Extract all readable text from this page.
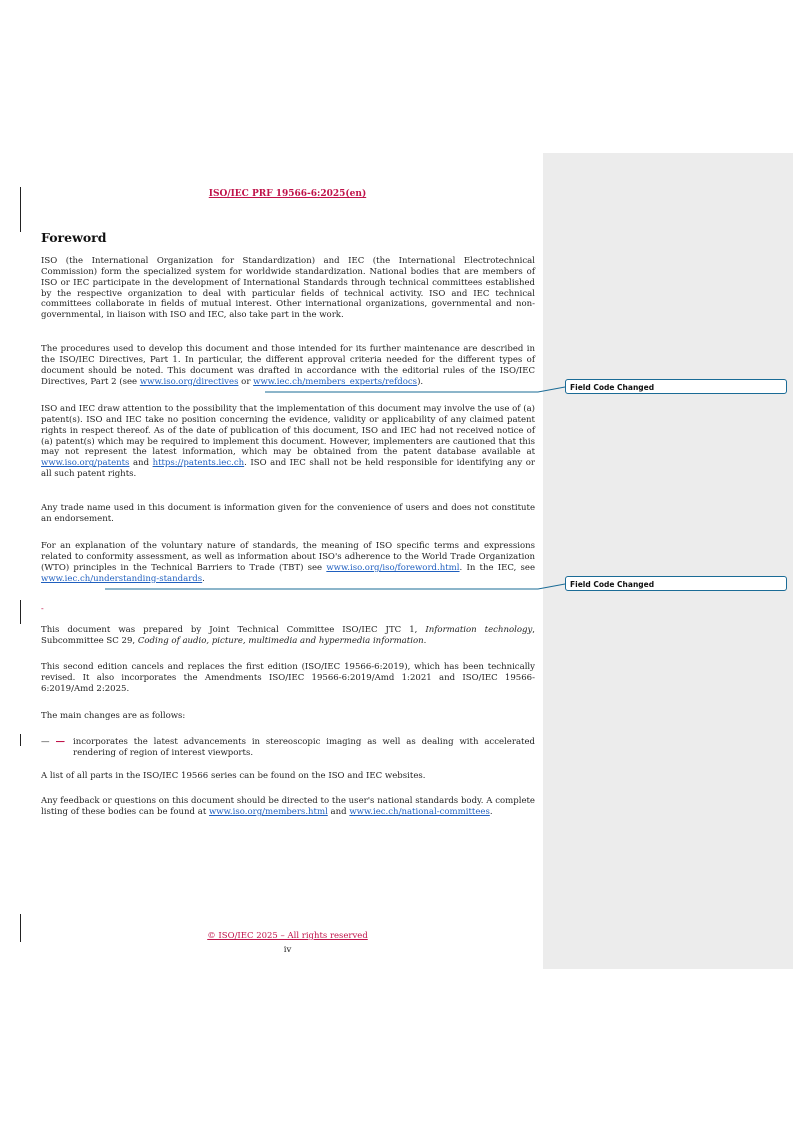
ISO/IEC PRF 19566-6:2025(en)
Foreword
ISO (the International Organization for Standardization) and IEC (the International Electrotechnical Commission) form the specialized system for worldwide standardization. National bodies that are members of ISO or IEC participate in the development of International Standards through technical committees established by the respective organization to deal with particular fields of technical activity. ISO and IEC technical committees collaborate in fields of mutual interest. Other international organizations, governmental and non-governmental, in liaison with ISO and IEC, also take part in the work.
The procedures used to develop this document and those intended for its further maintenance are described in the ISO/IEC Directives, Part 1. In particular, the different approval criteria needed for the different types of document should be noted. This document was drafted in accordance with the editorial rules of the ISO/IEC Directives, Part 2 (see www.iso.org/directives or www.iec.ch/members_experts/refdocs).
ISO and IEC draw attention to the possibility that the implementation of this document may involve the use of (a) patent(s). ISO and IEC take no position concerning the evidence, validity or applicability of any claimed patent rights in respect thereof. As of the date of publication of this document, ISO and IEC had not received notice of (a) patent(s) which may be required to implement this document. However, implementers are cautioned that this may not represent the latest information, which may be obtained from the patent database available at www.iso.org/patents and https://patents.iec.ch. ISO and IEC shall not be held responsible for identifying any or all such patent rights.
Any trade name used in this document is information given for the convenience of users and does not constitute an endorsement.
For an explanation of the voluntary nature of standards, the meaning of ISO specific terms and expressions related to conformity assessment, as well as information about ISO's adherence to the World Trade Organization (WTO) principles in the Technical Barriers to Trade (TBT) see www.iso.org/iso/foreword.html. In the IEC, see www.iec.ch/understanding-standards.
-
This document was prepared by Joint Technical Committee ISO/IEC JTC 1, Information technology, Subcommittee SC 29, Coding of audio, picture, multimedia and hypermedia information.
This second edition cancels and replaces the first edition (ISO/IEC 19566-6:2019), which has been technically revised. It also incorporates the Amendments ISO/IEC 19566-6:2019/Amd 1:2021 and ISO/IEC 19566-6:2019/Amd 2:2025.
The main changes are as follows:
— — incorporates the latest advancements in stereoscopic imaging as well as dealing with accelerated rendering of region of interest viewports.
A list of all parts in the ISO/IEC 19566 series can be found on the ISO and IEC websites.
Any feedback or questions on this document should be directed to the user's national standards body. A complete listing of these bodies can be found at www.iso.org/members.html and www.iec.ch/national-committees.
© ISO/IEC 2025 – All rights reserved
iv
Field Code Changed
Field Code Changed
